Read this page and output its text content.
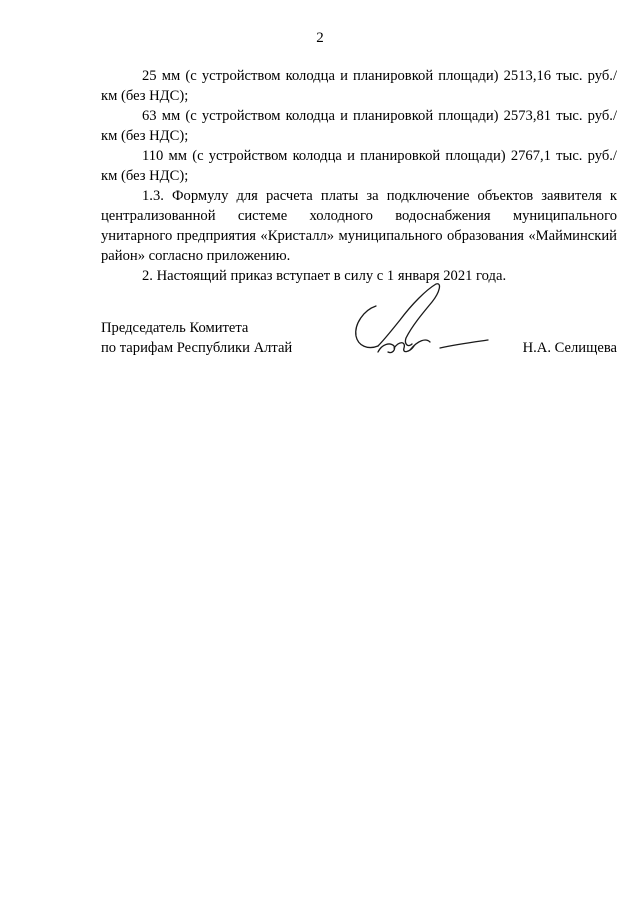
2

25 мм (с устройством колодца и планировкой площади) 2513,16 тыс. руб./км (без НДС);

63 мм (с устройством колодца и планировкой площади) 2573,81 тыс. руб./км (без НДС);

110 мм (с устройством колодца и планировкой площади) 2767,1 тыс. руб./км (без НДС);

1.3. Формулу для расчета платы за подключение объектов заявителя к централизованной системе холодного водоснабжения муниципального унитарного предприятия «Кристалл» муниципального образования «Майминский район» согласно приложению.

2. Настоящий приказ вступает в силу с 1 января 2021 года.

Председатель Комитета
по тарифам Республики Алтай	Н.А. Селищева
